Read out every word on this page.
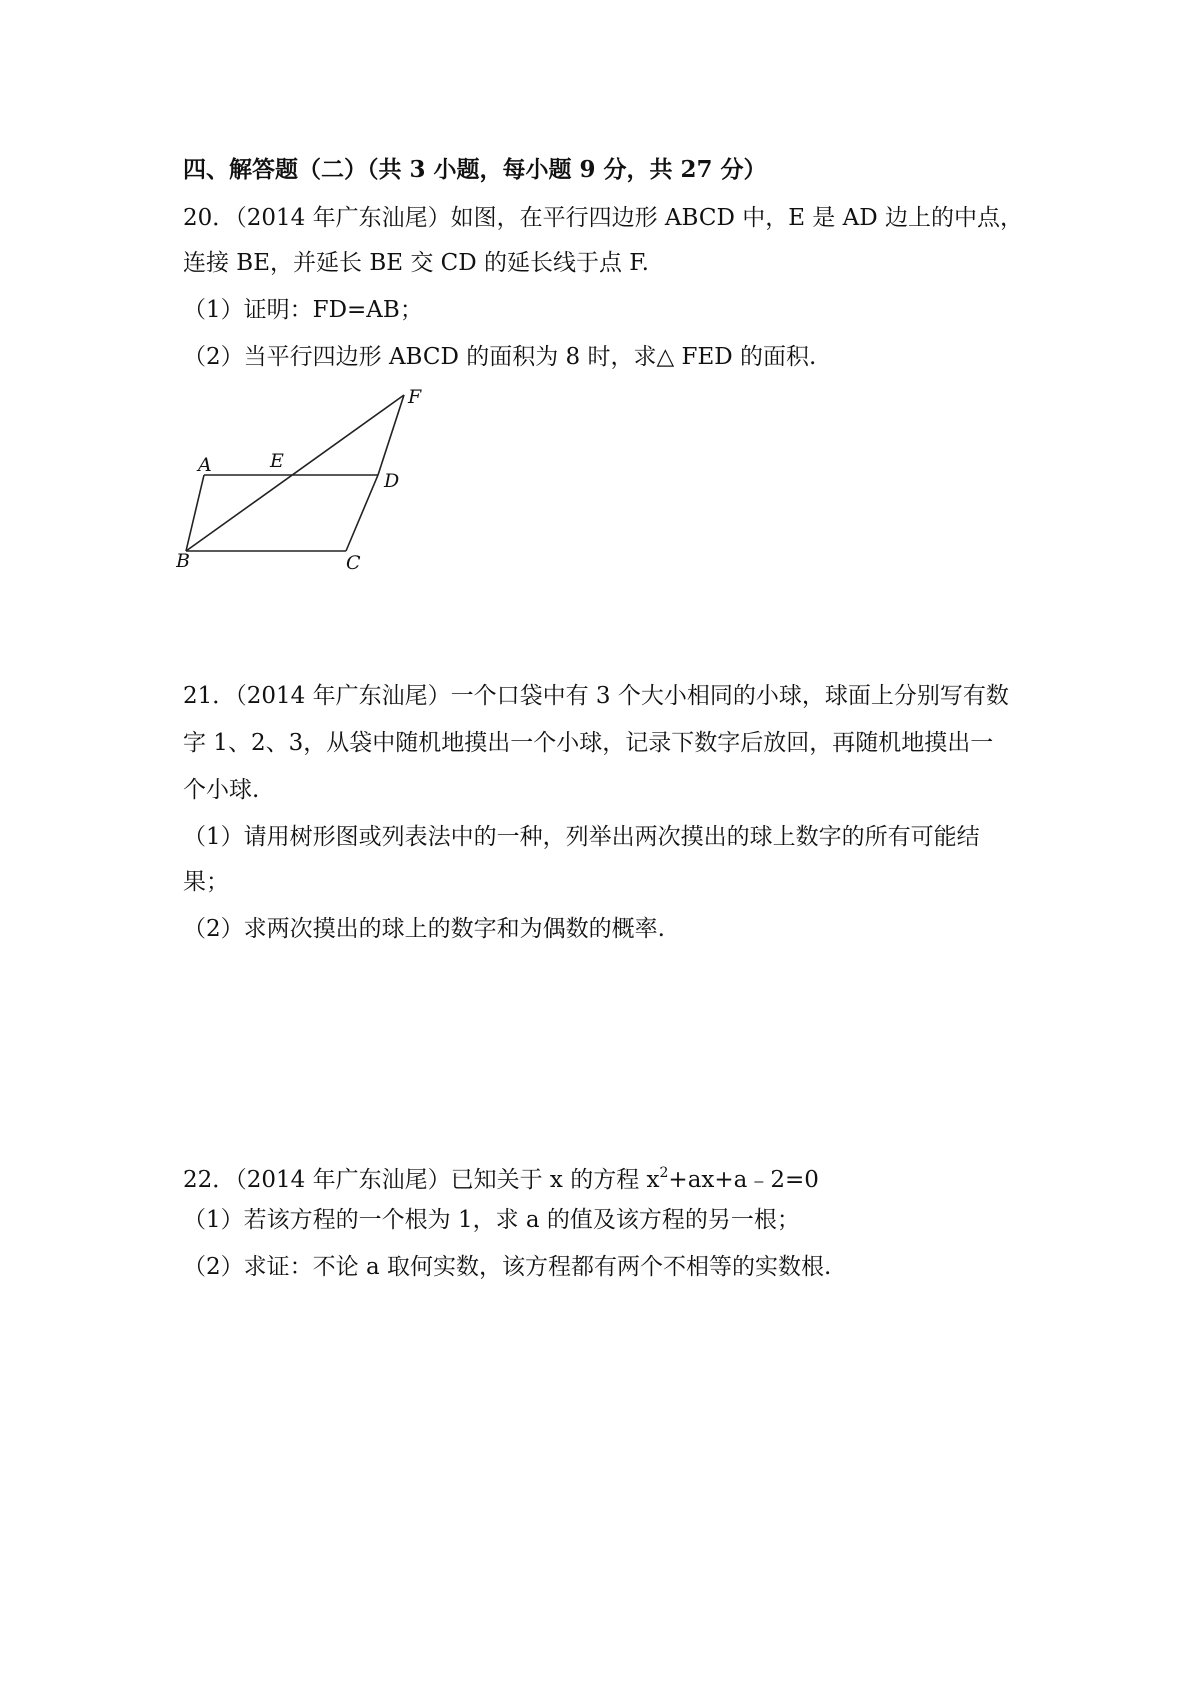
四、解答题（二）（共 3 小题，每小题 9 分，共 27 分）
20．（2014 年广东汕尾）如图，在平行四边形 ABCD 中，E 是 AD 边上的中点，
连接 BE，并延长 BE 交 CD 的延长线于点 F.
（1）证明：FD=AB；
（2）当平行四边形 ABCD 的面积为 8 时，求△ FED 的面积.
A
B	C
D
E
F
21．（2014 年广东汕尾）一个口袋中有 3 个大小相同的小球，球面上分别写有数
字 1、2、3，从袋中随机地摸出一个小球，记录下数字后放回，再随机地摸出一
个小球.
（1）请用树形图或列表法中的一种，列举出两次摸出的球上数字的所有可能结
果；
（2）求两次摸出的球上的数字和为偶数的概率.
22．（2014 年广东汕尾）已知关于 x 的方程 $x^2+ax+a﹣2=0$
（1）若该方程的一个根为 1，求 a 的值及该方程的另一根；
（2）求证：不论 a 取何实数，该方程都有两个不相等的实数根.
